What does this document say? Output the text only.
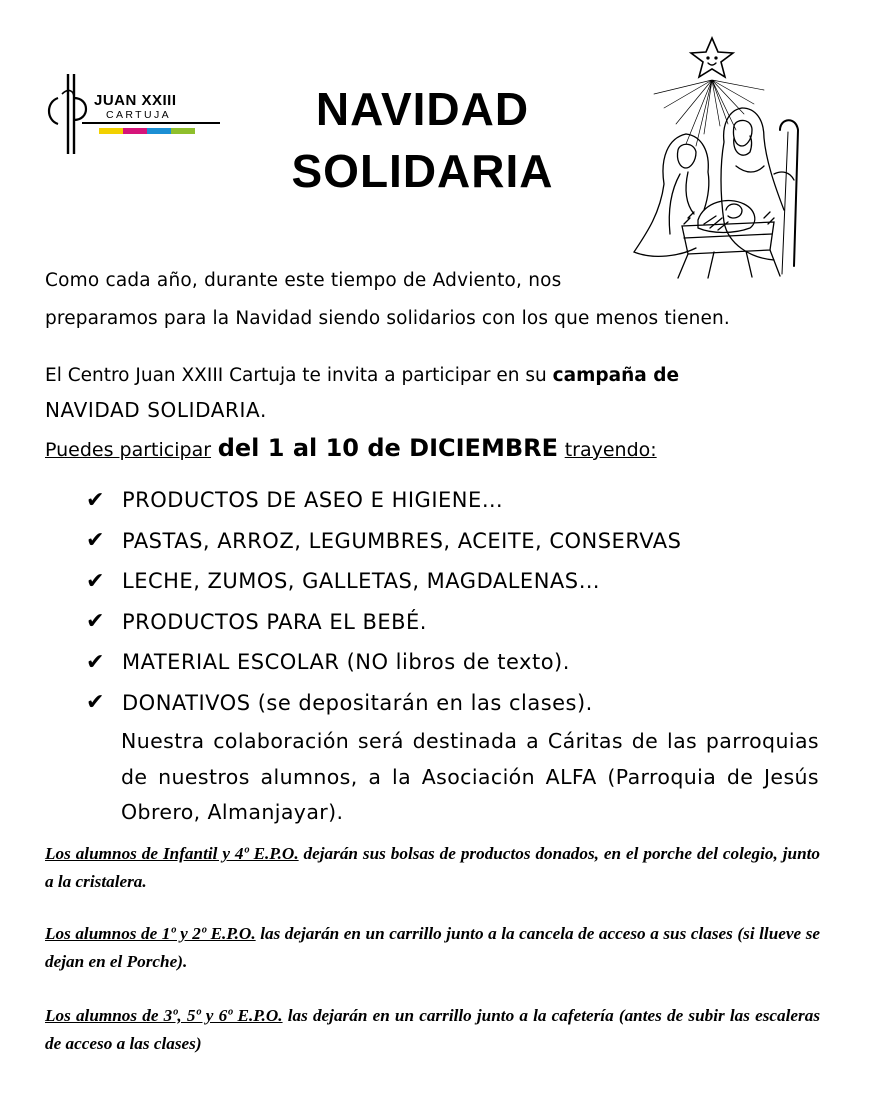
JUAN XXIII
CARTUJA	NAVIDAD
SOLIDARIA
Como cada año, durante este tiempo de Adviento, nos
preparamos para la Navidad siendo solidarios con los que menos tienen.
El Centro Juan XXIII Cartuja te invita a participar en su campaña de
NAVIDAD SOLIDARIA.
Puedes participar del 1 al 10 de DICIEMBRE trayendo:
✔ PRODUCTOS DE ASEO E HIGIENE…
✔ PASTAS, ARROZ, LEGUMBRES, ACEITE, CONSERVAS
✔ LECHE, ZUMOS, GALLETAS, MAGDALENAS…
✔ PRODUCTOS PARA EL BEBÉ.
✔ MATERIAL ESCOLAR (NO libros de texto).
✔ DONATIVOS (se depositarán en las clases).
Nuestra colaboración será destinada a Cáritas de las parroquias de nuestros alumnos, a la Asociación ALFA (Parroquia de Jesús Obrero, Almanjayar).
Los alumnos de Infantil y 4º E.P.O. dejarán sus bolsas de productos donados, en el porche del colegio, junto a la cristalera.
Los alumnos de 1º y 2º E.P.O. las dejarán en un carrillo junto a la cancela de acceso a sus clases (si llueve se dejan en el Porche).
Los alumnos de 3º, 5º y 6º E.P.O. las dejarán en un carrillo junto a la cafetería (antes de subir las escaleras de acceso a las clases)
